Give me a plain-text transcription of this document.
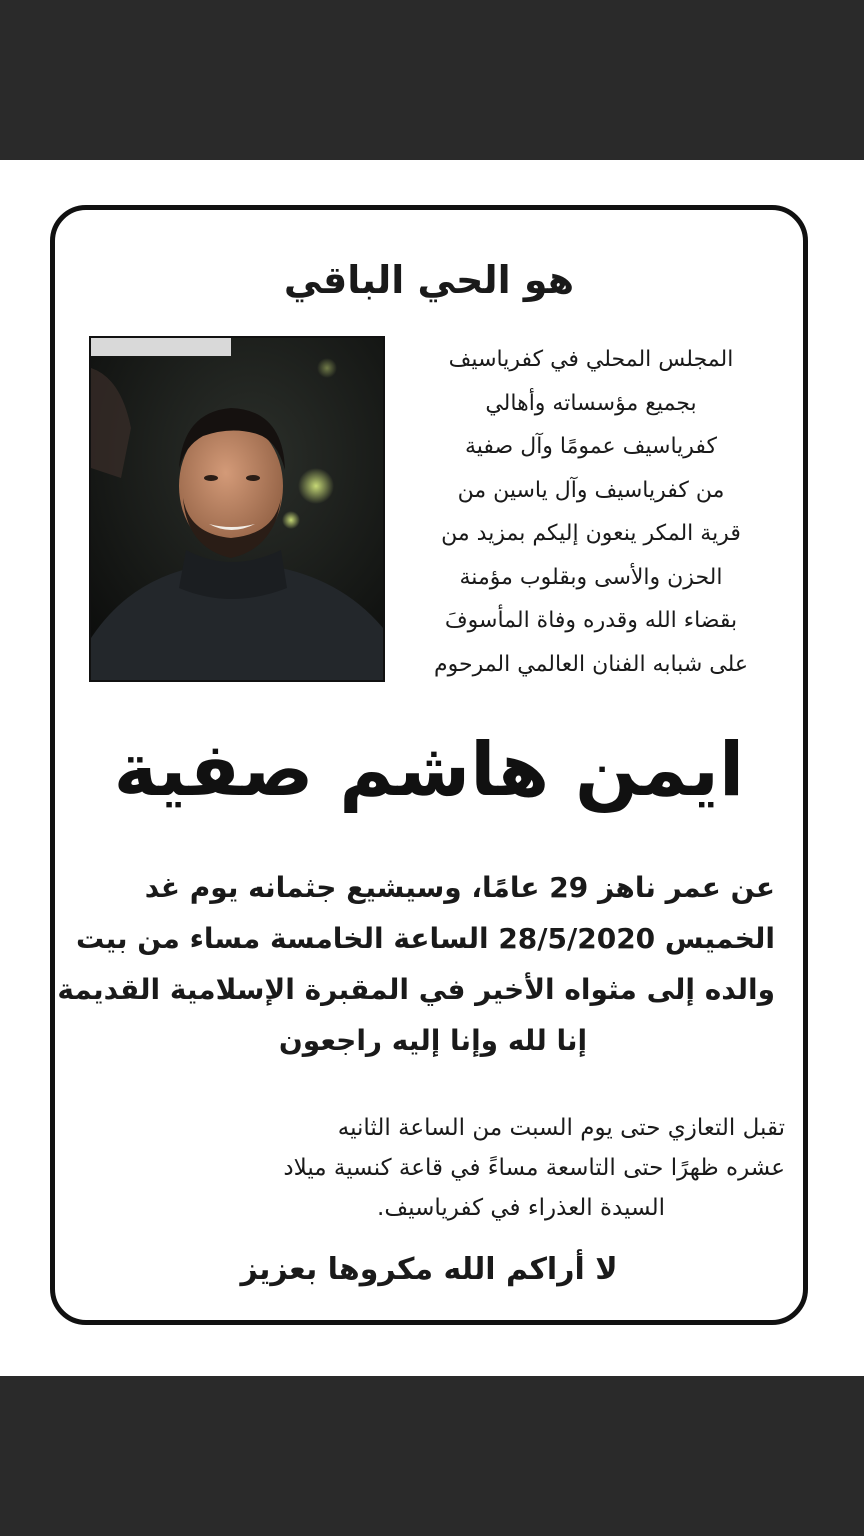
هو الحي الباقي
المجلس المحلي في كفرياسيف
بجميع مؤسساته وأهالي
كفرياسيف عمومًا وآل صفية
من كفرياسيف وآل ياسين من
قرية المكر ينعون إليكم بمزيد من
الحزن والأسى وبقلوب مؤمنة
بقضاء الله وقدره وفاة المأسوفَ
على شبابه الفنان العالمي المرحوم
ايمن هاشم صفية
عن عمر ناهز 29 عامًا، وسيشيع جثمانه يوم غد
الخميس 28/5/2020 الساعة الخامسة مساء من بيت
والده إلى مثواه الأخير في المقبرة الإسلامية القديمة
إنا لله وإنا إليه راجعون
تقبل التعازي حتى يوم السبت من الساعة الثانيه
عشره ظهرًا حتى التاسعة مساءً في قاعة كنسية ميلاد
السيدة العذراء في كفرياسيف.
لا أراكم الله مكروها بعزيز
